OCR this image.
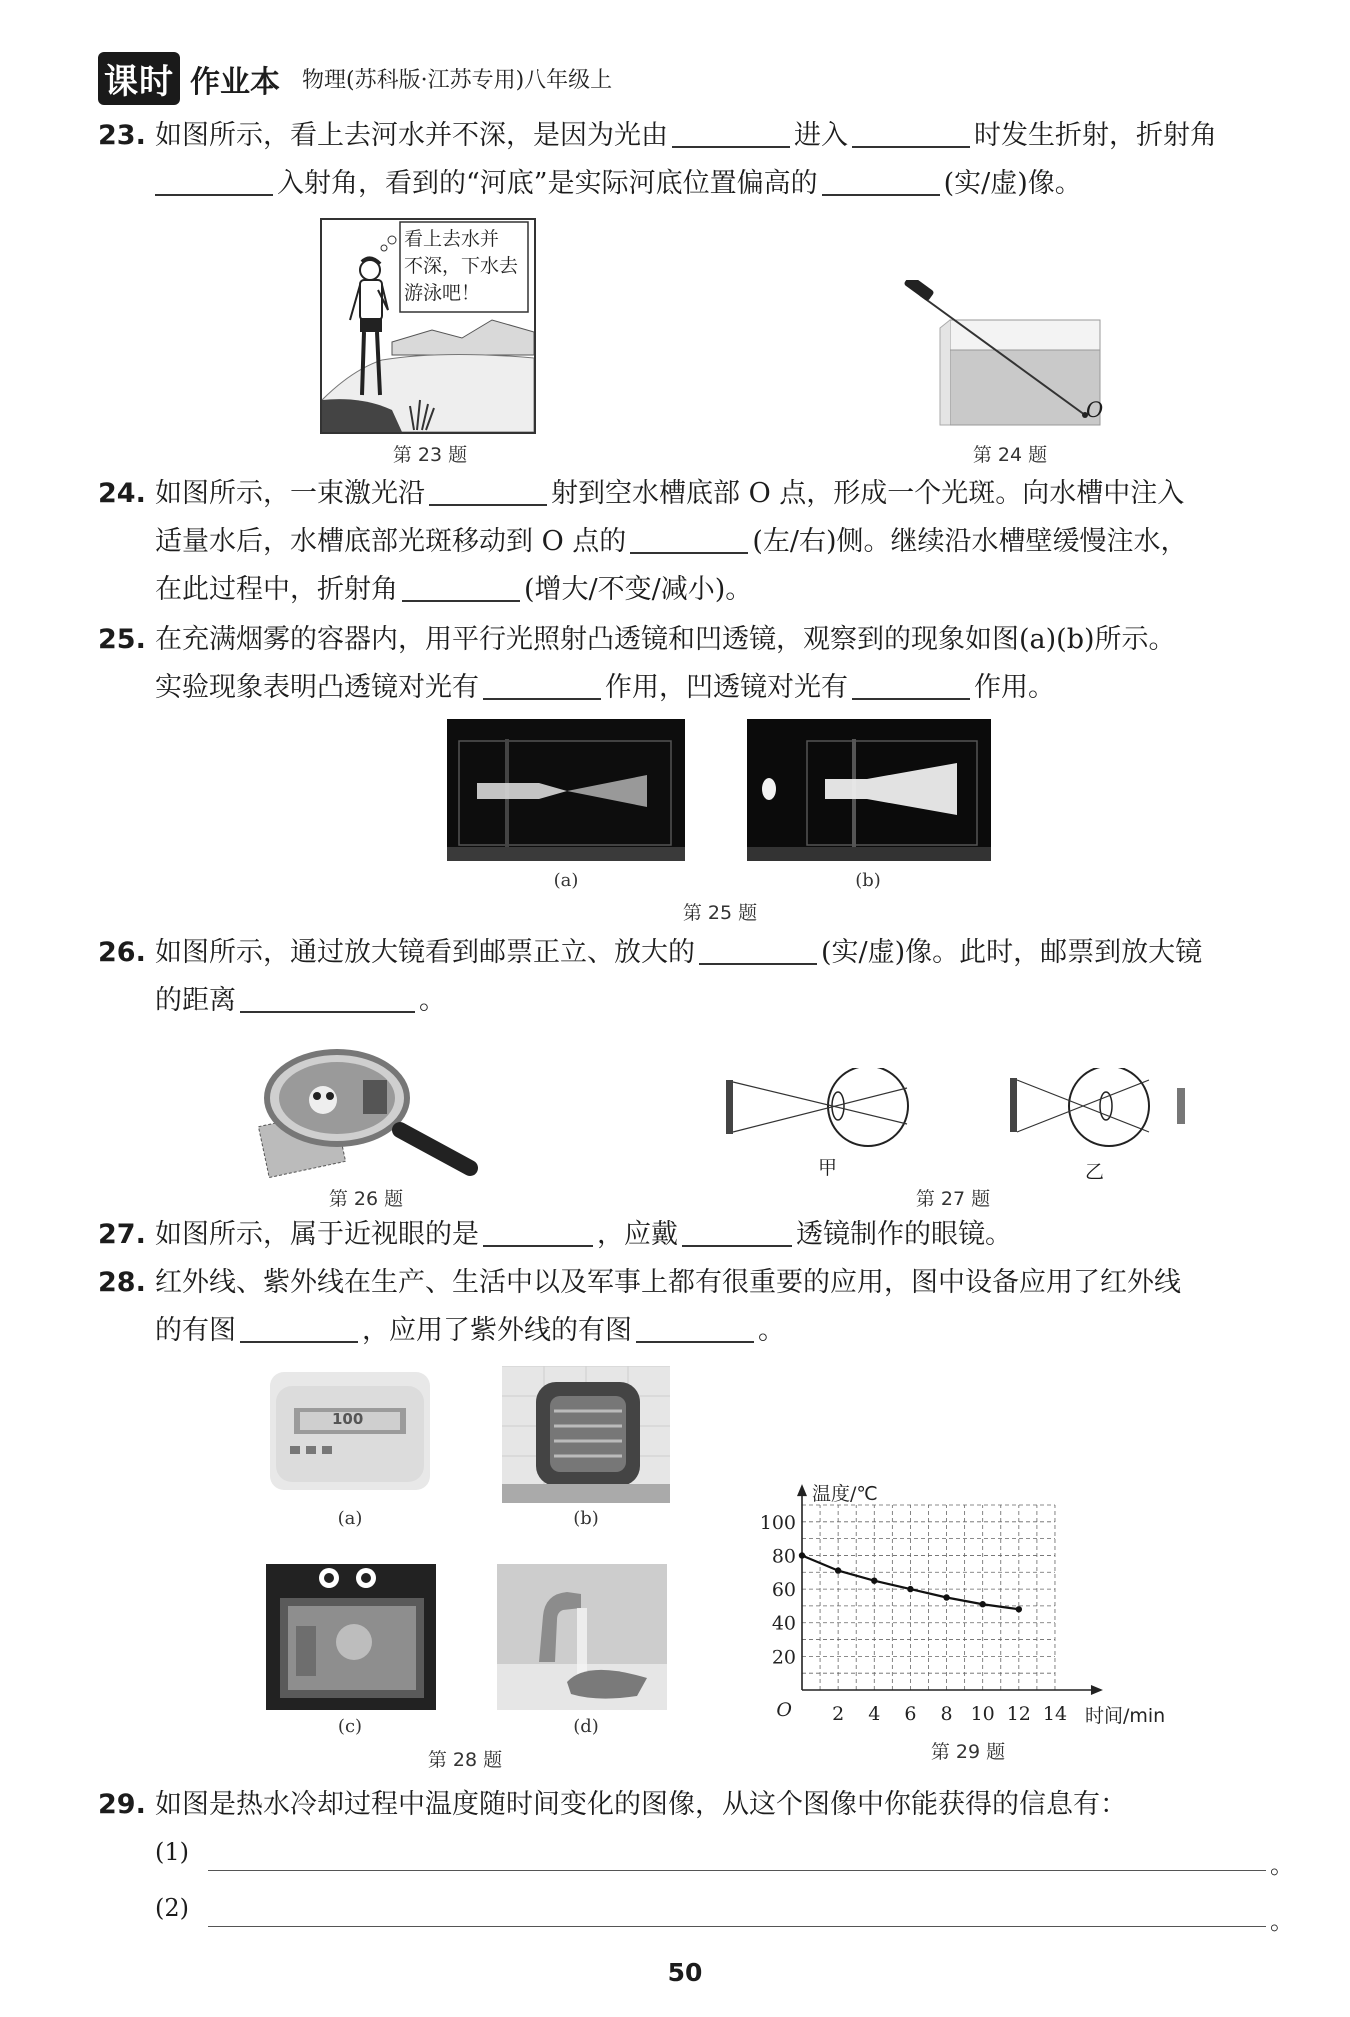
课时 作业本 物理(苏科版·江苏专用)八年级上
23. 如图所示，看上去河水并不深，是因为光由	进入	时发生折射，折射角
入射角，看到的“河底”是实际河底位置偏高的	(实/虚)像。
看上去水并
不深，下水去
游泳吧！
第 23 题
O
第 24 题
24. 如图所示，一束激光沿	射到空水槽底部 O 点，形成一个光斑。向水槽中注入
适量水后，水槽底部光斑移动到 O 点的	(左/右)侧。继续沿水槽壁缓慢注水，
在此过程中，折射角	(增大/不变/减小)。
25. 在充满烟雾的容器内，用平行光照射凸透镜和凹透镜，观察到的现象如图(a)(b)所示。
实验现象表明凸透镜对光有	作用，凹透镜对光有	作用。
(a)	(b)
第 25 题
26. 如图所示，通过放大镜看到邮票正立、放大的	(实/虚)像。此时，邮票到放大镜
的距离	。
第 26 题
甲	乙
第 27 题
27. 如图所示，属于近视眼的是	，应戴	透镜制作的眼镜。
28. 红外线、紫外线在生产、生活中以及军事上都有很重要的应用，图中设备应用了红外线
的有图	，应用了紫外线的有图	。
100
(a)	(b)
(c)	(d)
第 28 题
20
40
60
80
100
2 4 6 8 10 12 14
O
温度/℃
时间/min
第 29 题
29. 如图是热水冷却过程中温度随时间变化的图像，从这个图像中你能获得的信息有：
(1)	。
(2)	。
50
